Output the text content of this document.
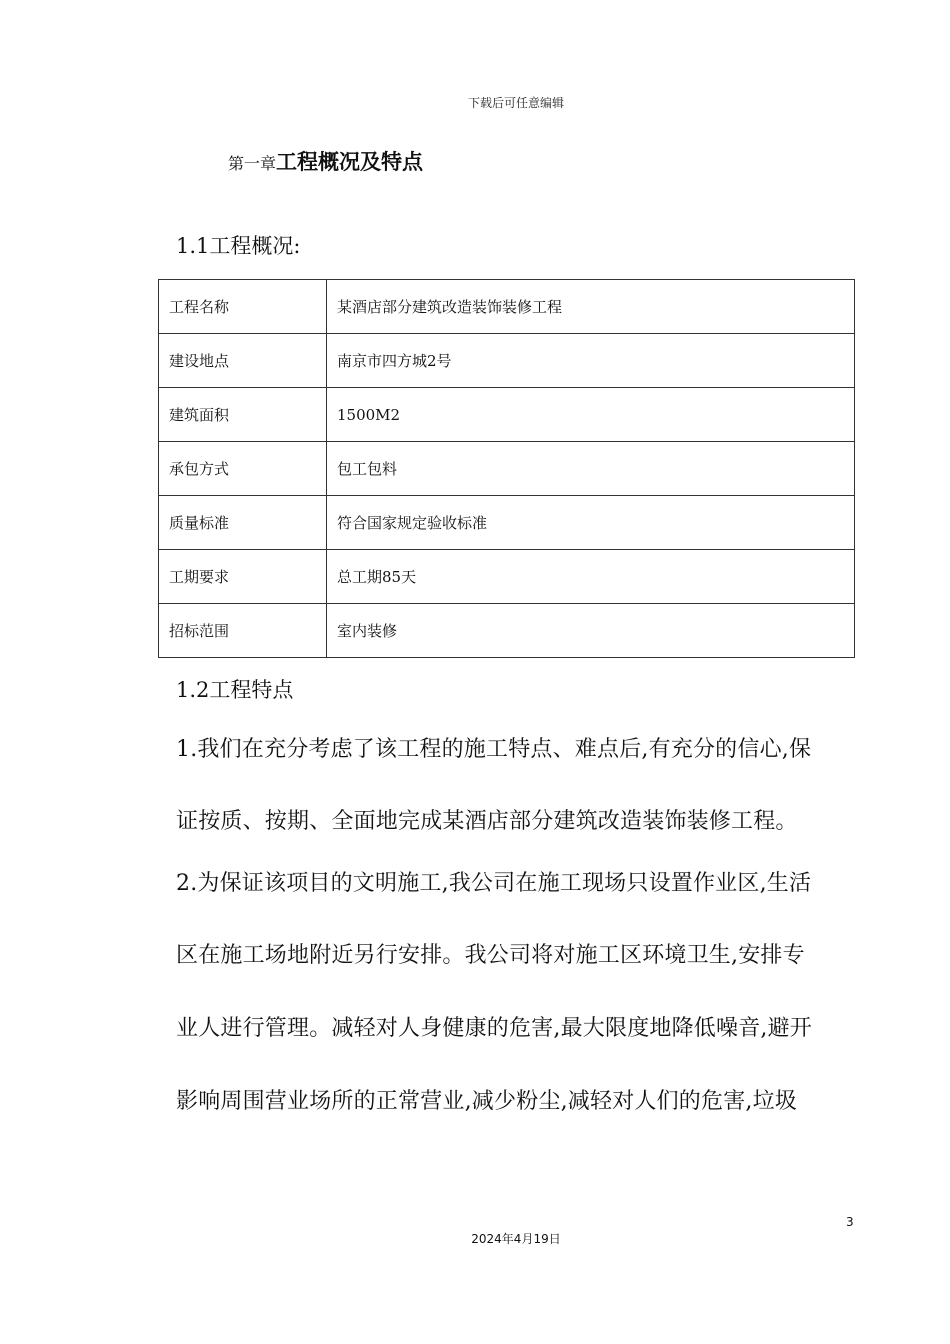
下载后可任意编辑
第一章工程概况及特点
1.1工程概况:
工程名称	某酒店部分建筑改造装饰装修工程
建设地点	南京市四方城2号
建筑面积	1500M2
承包方式	包工包料
质量标准	符合国家规定验收标准
工期要求	总工期85天
招标范围	室内装修
1.2工程特点
1.我们在充分考虑了该工程的施工特点、难点后,有充分的信心,保
证按质、按期、全面地完成某酒店部分建筑改造装饰装修工程。
2.为保证该项目的文明施工,我公司在施工现场只设置作业区,生活
区在施工场地附近另行安排。我公司将对施工区环境卫生,安排专
业人进行管理。减轻对人身健康的危害,最大限度地降低噪音,避开
影响周围营业场所的正常营业,减少粉尘,减轻对人们的危害,垃圾
3
2024年4月19日
